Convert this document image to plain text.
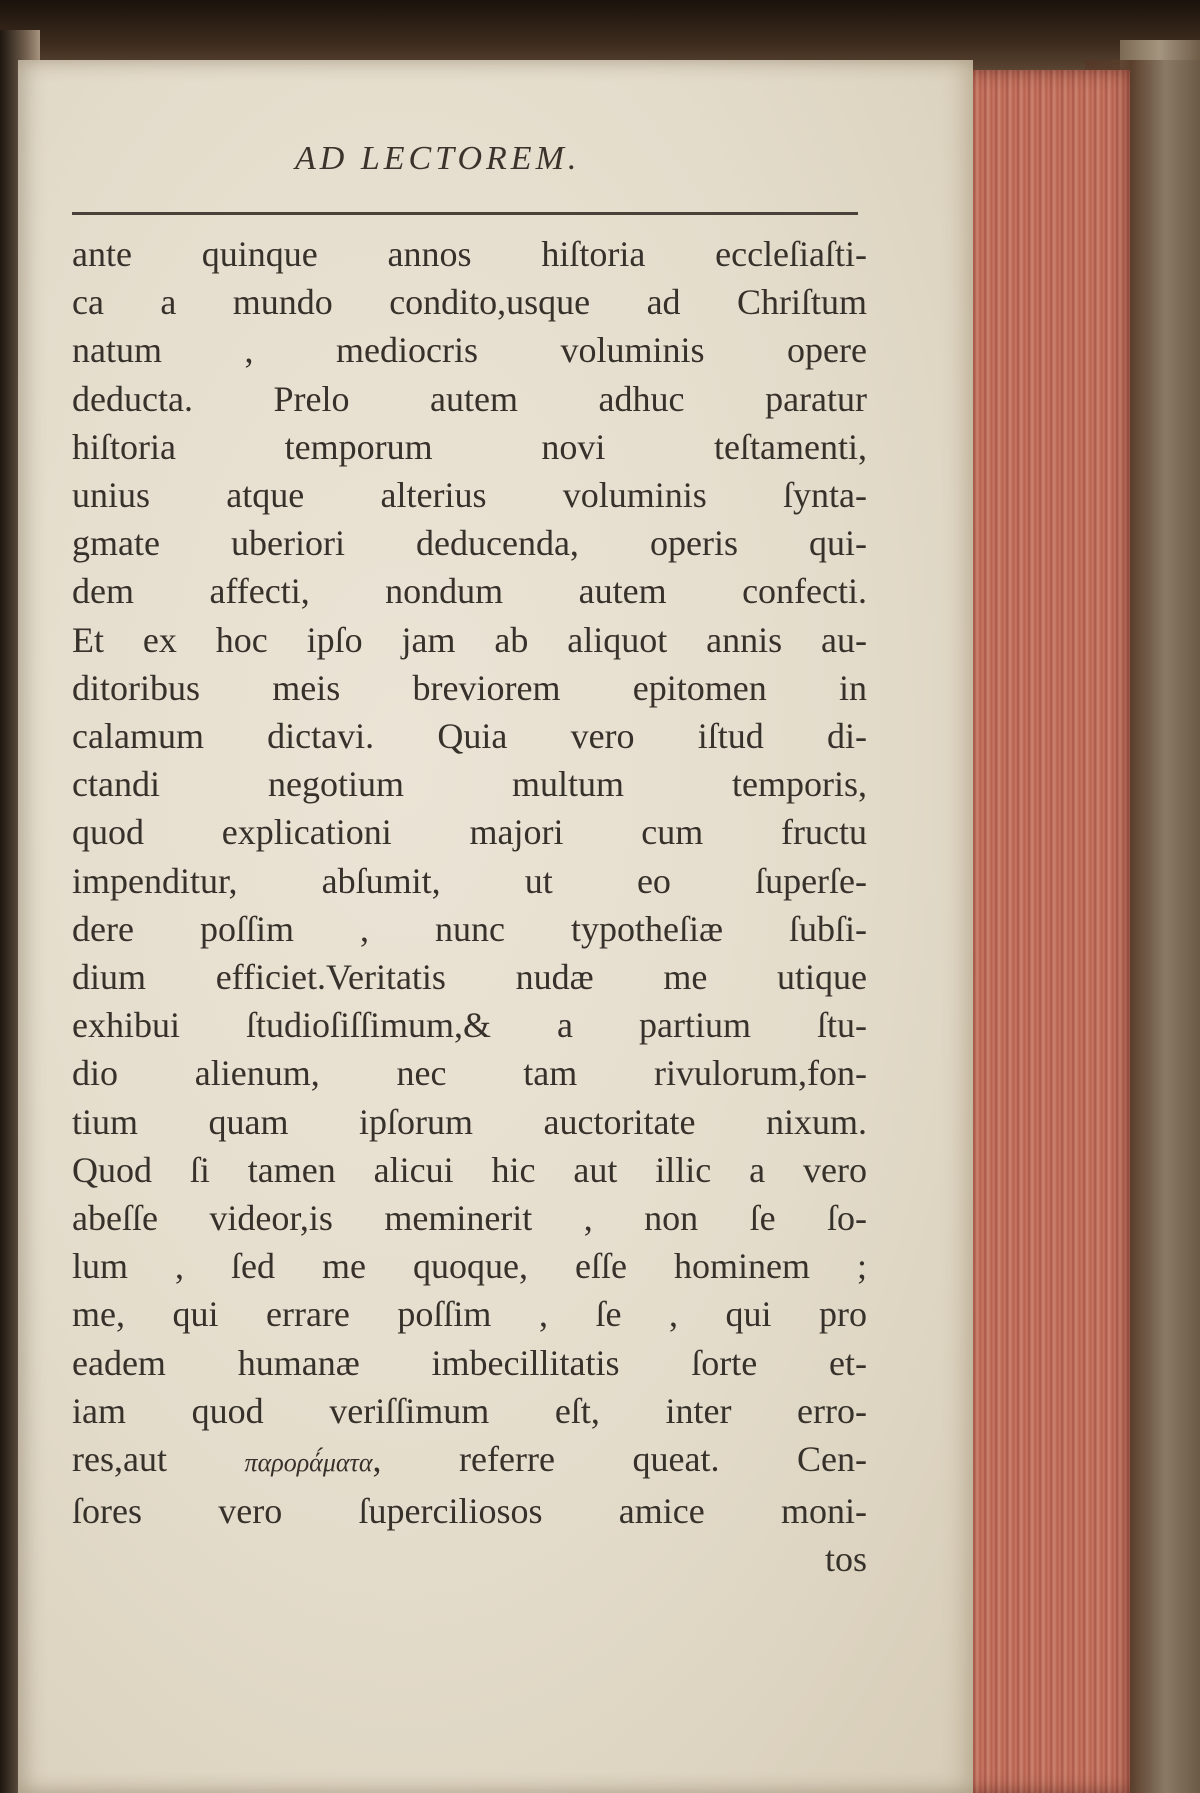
AD LECTOREM.
ante quinque annos hiſtoria eccleſiaſti-
ca a mundo condito,usque ad Chriſtum
natum , mediocris voluminis opere
deducta. Prelo autem adhuc paratur
hiſtoria temporum novi teſtamenti,
unius atque alterius voluminis ſynta-
gmate uberiori deducenda, operis qui-
dem affecti, nondum autem confecti.
Et ex hoc ipſo jam ab aliquot annis au-
ditoribus meis breviorem epitomen in
calamum dictavi. Quia vero iſtud di-
ctandi negotium multum temporis,
quod explicationi majori cum fructu
impenditur, abſumit, ut eo ſuperſe-
dere poſſim , nunc typotheſiæ ſubſi-
dium efficiet.Veritatis nudæ me utique
exhibui ſtudioſiſſimum,& a partium ſtu-
dio alienum, nec tam rivulorum,fon-
tium quam ipſorum auctoritate nixum.
Quod ſi tamen alicui hic aut illic a vero
abeſſe videor,is meminerit , non ſe ſo-
lum , ſed me quoque, eſſe hominem ;
me, qui errare poſſim , ſe , qui pro
eadem humanæ imbecillitatis ſorte et-
iam quod veriſſimum eſt, inter erro-
res,aut	παρορά́ματα, referre queat. Cen-
ſores vero ſuperciliosos amice moni-
tos
